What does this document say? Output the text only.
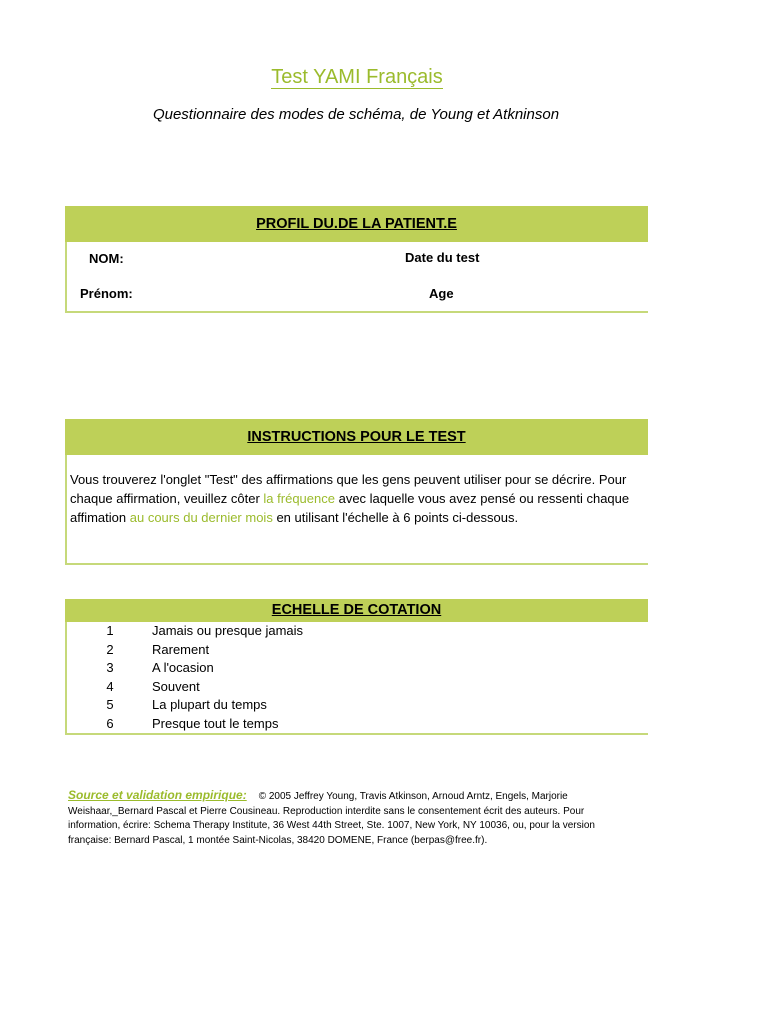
Test YAMI Français
Questionnaire des modes de schéma, de Young et Atkninson
PROFIL DU.DE LA PATIENT.E
NOM:	Date du test
Prénom:	Age
INSTRUCTIONS POUR LE TEST
Vous trouverez l'onglet "Test" des affirmations que les gens peuvent utiliser pour se décrire. Pour chaque affirmation, veuillez côter la fréquence avec laquelle vous avez pensé ou ressenti chaque affimation au cours du dernier mois en utilisant l'échelle à 6 points ci-dessous.
ECHELLE DE COTATION
1	Jamais ou presque jamais
2	Rarement
3	A l'ocasion
4	Souvent
5	La plupart du temps
6	Presque tout le temps
Source et validation empirique: © 2005 Jeffrey Young, Travis Atkinson, Arnoud Arntz, Engels, Marjorie Weishaar,_Bernard Pascal et Pierre Cousineau. Reproduction interdite sans le consentement écrit des auteurs. Pour information, écrire: Schema Therapy Institute, 36 West 44th Street, Ste. 1007, New York, NY 10036, ou, pour la version française: Bernard Pascal, 1 montée Saint-Nicolas, 38420 DOMENE, France (berpas@free.fr).
